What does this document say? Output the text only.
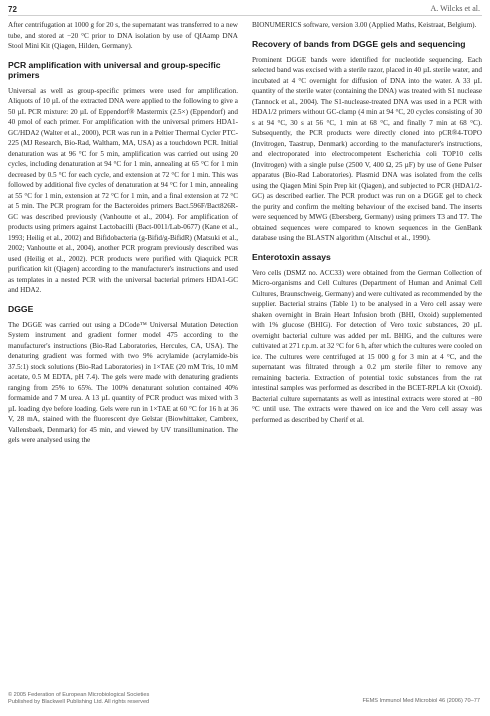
72	A. Wilcks et al.

After centrifugation at 1000 g for 20 s, the supernatant was transferred to a new tube, and stored at −20 °C prior to DNA isolation by use of QIAamp DNA Stool Mini Kit (Qiagen, Hilden, Germany).

PCR amplification with universal and group-specific primers

Universal as well as group-specific primers were used for amplification. Aliquots of 10 µL of the extracted DNA were applied to the following to give a 50 µL PCR mixture: 20 µL of Eppendorf® Mastermix (2.5×) (Eppendorf) and 40 pmol of each primer. For amplification with the universal primers HDA1-GC/HDA2 (Walter et al., 2000), PCR was run in a Peltier Thermal Cycler PTC-225 (MJ Research, Bio-Rad, Waltham, MA, USA) as a touchdown PCR. Initial denaturation was at 96 °C for 5 min, amplification was carried out using 20 cycles, including denaturation at 94 °C for 1 min, annealing at 65 °C for 1 min decreased by 0.5 °C for each cycle, and extension at 72 °C for 1 min. This was followed by additional five cycles of denaturation at 94 °C for 1 min, annealing at 55 °C for 1 min, extension at 72 °C for 1 min, and a final extension at 72 °C at 5 min. The PCR program for the Bacteroides primers Bact.596F/Bact826R-GC was described previously (Vanhoutte et al., 2004). For amplification of products using primers against Lactobacilli (Bact-0011/Lab-0677) (Kane et al., 1993; Heilig et al., 2002) and Bifidobacteria (g-Bifid/g-BifidR) (Matsuki et al., 2002; Vanhoutte et al., 2004), another PCR program previously described was used (Heilig et al., 2002). PCR products were purified with Qiaquick PCR purification kit (Qiagen) according to the manufacturer's instructions and used as templates in a nested PCR with the universal bacterial primers HDA1-GC and HDA2.

DGGE

The DGGE was carried out using a DCode™ Universal Mutation Detection System instrument and gradient former model 475 according to the manufacturer's instructions (Bio-Rad Laboratories, Hercules, CA, USA). The denaturing gradient was formed with two 9% acrylamide (acrylamide-bis 37.5:1) stock solutions (Bio-Rad Laboratories) in 1×TAE (20 mM Tris, 10 mM acetate, 0.5 M EDTA, pH 7.4). The gels were made with denaturing gradients ranging from 25% to 65%. The 100% denaturant solution contained 40% formamide and 7 M urea. A 13 µL quantity of PCR product was mixed with 3 µL loading dye before loading. Gels were run in 1×TAE at 60 °C for 16 h at 36 V, 28 mA, stained with the fluorescent dye Gelstar (Biowhittaker, Cambrex, Vallensbaek, Denmark) for 45 min, and viewed by UV transillumination. The gels were analysed using the

BIONUMERICS software, version 3.00 (Applied Maths, Keistraat, Belgium).

Recovery of bands from DGGE gels and sequencing

Prominent DGGE bands were identified for nucleotide sequencing. Each selected band was excised with a sterile razor, placed in 40 µL sterile water, and incubated at 4 °C overnight for diffusion of DNA into the water. A 33 µL quantity of the sterile water (containing the DNA) was treated with S1 nuclease (Tannock et al., 2004). The S1-nuclease-treated DNA was used in a PCR with HDA1/2 primers without GC-clamp (4 min at 94 °C, 20 cycles consisting of 30 s at 94 °C, 30 s at 56 °C, 1 min at 68 °C, and finally 7 min at 68 °C). Subsequently, the PCR products were directly cloned into pCR®4-TOPO (Invitrogen, Taastrup, Denmark) according to the manufacturer's instructions, and electroporated into electrocompetent Escherichia coli TOP10 cells (Invitrogen) with a single pulse (2500 V, 400 Ω, 25 µF) by use of Gene Pulser apparatus (Bio-Rad Laboratories). Plasmid DNA was isolated from the cells using the Qiagen Mini Spin Prep kit (Qiagen), and subjected to PCR (HDA1/2-GC) as described earlier. The PCR product was run on a DGGE gel to check the purity and confirm the melting behaviour of the excised band. The inserts were sequenced by MWG (Ebersberg, Germany) using primers T3 and T7. The obtained sequences were compared to known sequences in the GenBank database using the BLASTN algorithm (Altschul et al., 1990).

Enterotoxin assays

Vero cells (DSMZ no. ACC33) were obtained from the German Collection of Micro-organisms and Cell Cultures (Department of Human and Animal Cell Cultures, Braunschweig, Germany) and were cultivated as recommended by the supplier. Bacterial strains (Table 1) to be analysed in a Vero cell assay were shaken overnight in Brain Heart Infusion broth (BHI, Oxoid) supplemented with 1% glucose (BHIG). For detection of Vero toxic substances, 20 µL overnight bacterial culture was added per mL BHIG, and the cultures were cultivated at 271 r.p.m. at 32 °C for 6 h, after which the cultures were cooled on ice. The cultures were centrifuged at 15 000 g for 3 min at 4 °C, and the supernatant was filtrated through a 0.2 µm sterile filter to remove any remaining bacteria. Extraction of potential toxic substances from the rat intestinal samples was performed as described in the BCET-RPLA kit (Oxoid). Bacterial culture supernatants as well as intestinal extracts were stored at −80 °C until use. The extracts were thawed on ice and the Vero cell assay was performed as described by Cherif et al.

© 2005 Federation of European Microbiological Societies
Published by Blackwell Publishing Ltd. All rights reserved	FEMS Immunol Med Microbiol 46 (2006) 70–77
